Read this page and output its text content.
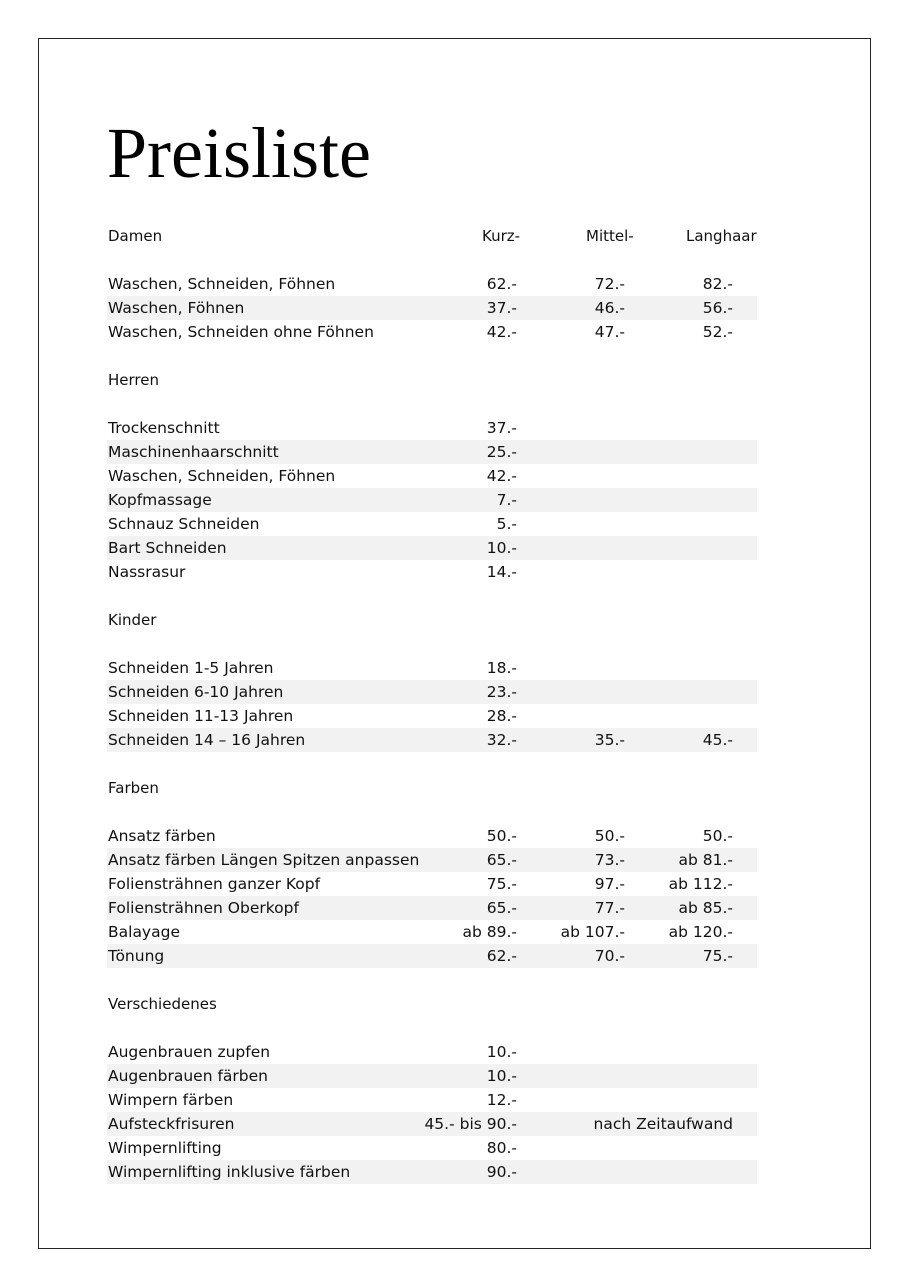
Preisliste
Damen	Kurz-	Mittel-	Langhaar
Waschen, Schneiden, Föhnen	62.-	72.-	82.-
Waschen, Föhnen	37.-	46.-	56.-
Waschen, Schneiden ohne Föhnen	42.-	47.-	52.-
Herren
Trockenschnitt	37.-
Maschinenhaarschnitt	25.-
Waschen, Schneiden, Föhnen	42.-
Kopfmassage	7.-
Schnauz Schneiden	5.-
Bart Schneiden	10.-
Nassrasur	14.-
Kinder
Schneiden 1-5 Jahren	18.-
Schneiden 6-10 Jahren	23.-
Schneiden 11-13 Jahren	28.-
Schneiden 14 – 16 Jahren	32.-	35.-	45.-
Farben
Ansatz färben	50.-	50.-	50.-
Ansatz färben Längen Spitzen anpassen	65.-	73.-	ab 81.-
Foliensträhnen ganzer Kopf	75.-	97.-	ab 112.-
Foliensträhnen Oberkopf	65.-	77.-	ab 85.-
Balayage	ab 89.-	ab 107.-	ab 120.-
Tönung	62.-	70.-	75.-
Verschiedenes
Augenbrauen zupfen	10.-
Augenbrauen färben	10.-
Wimpern färben	12.-
Aufsteckfrisuren	45.- bis 90.-	nach Zeitaufwand
Wimpernlifting	80.-
Wimpernlifting inklusive färben	90.-
